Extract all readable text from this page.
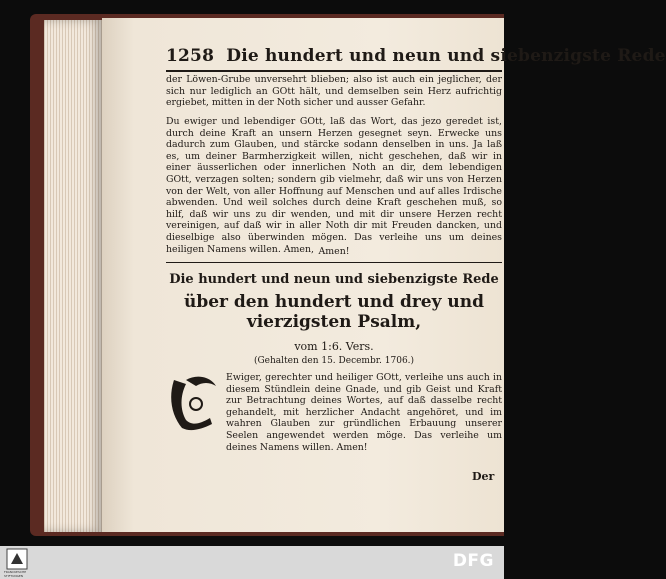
1258 Die hundert und neun und siebenzigste Rede

der Löwen-Grube unversehrt blieben; also ist auch ein jeglicher, der sich nur lediglich an GOtt hält, und demselben sein Herz aufrichtig ergiebet, mitten in der Noth sicher und ausser Gefahr.

Du ewiger und lebendiger GOtt, laß das Wort, das jezo geredet ist, durch deine Kraft an unsern Herzen gesegnet seyn. Erwecke uns dadurch zum Glauben, und stärcke sodann denselben in uns. Ja laß es, um deiner Barmherzigkeit willen, nicht geschehen, daß wir in einer äusserlichen oder innerlichen Noth an dir, dem lebendigen GOtt, verzagen solten; sondern gib vielmehr, daß wir uns von Herzen von der Welt, von aller Hoffnung auf Menschen und auf alles Irdische abwenden. Und weil solches durch deine Kraft geschehen muß, so hilf, daß wir uns zu dir wenden, und mit dir unsere Herzen recht vereinigen, auf daß wir in aller Noth dir mit Freuden dancken, und dieselbige also überwinden mögen. Das verleihe uns um deines heiligen Namens willen. Amen, Amen!

Die hundert und neun und siebenzigste Rede
über den hundert und drey und vierzigsten Psalm,
vom 1:6. Vers.
(Gehalten den 15. Decembr. 1706.)

Ewiger, gerechter und heiliger GOtt, verleihe uns auch in diesem Stündlein deine Gnade, und gib Geist und Kraft zur Betrachtung deines Wortes, auf daß dasselbe recht gehandelt, mit herzlicher Andacht angehöret, und im wahren Glauben zur gründlichen Erbauung unserer Seelen angewendet werden möge. Das verleihe um deines Namens willen. Amen!

Der
FRANCKESCHE STIFTUNGEN
DFG
